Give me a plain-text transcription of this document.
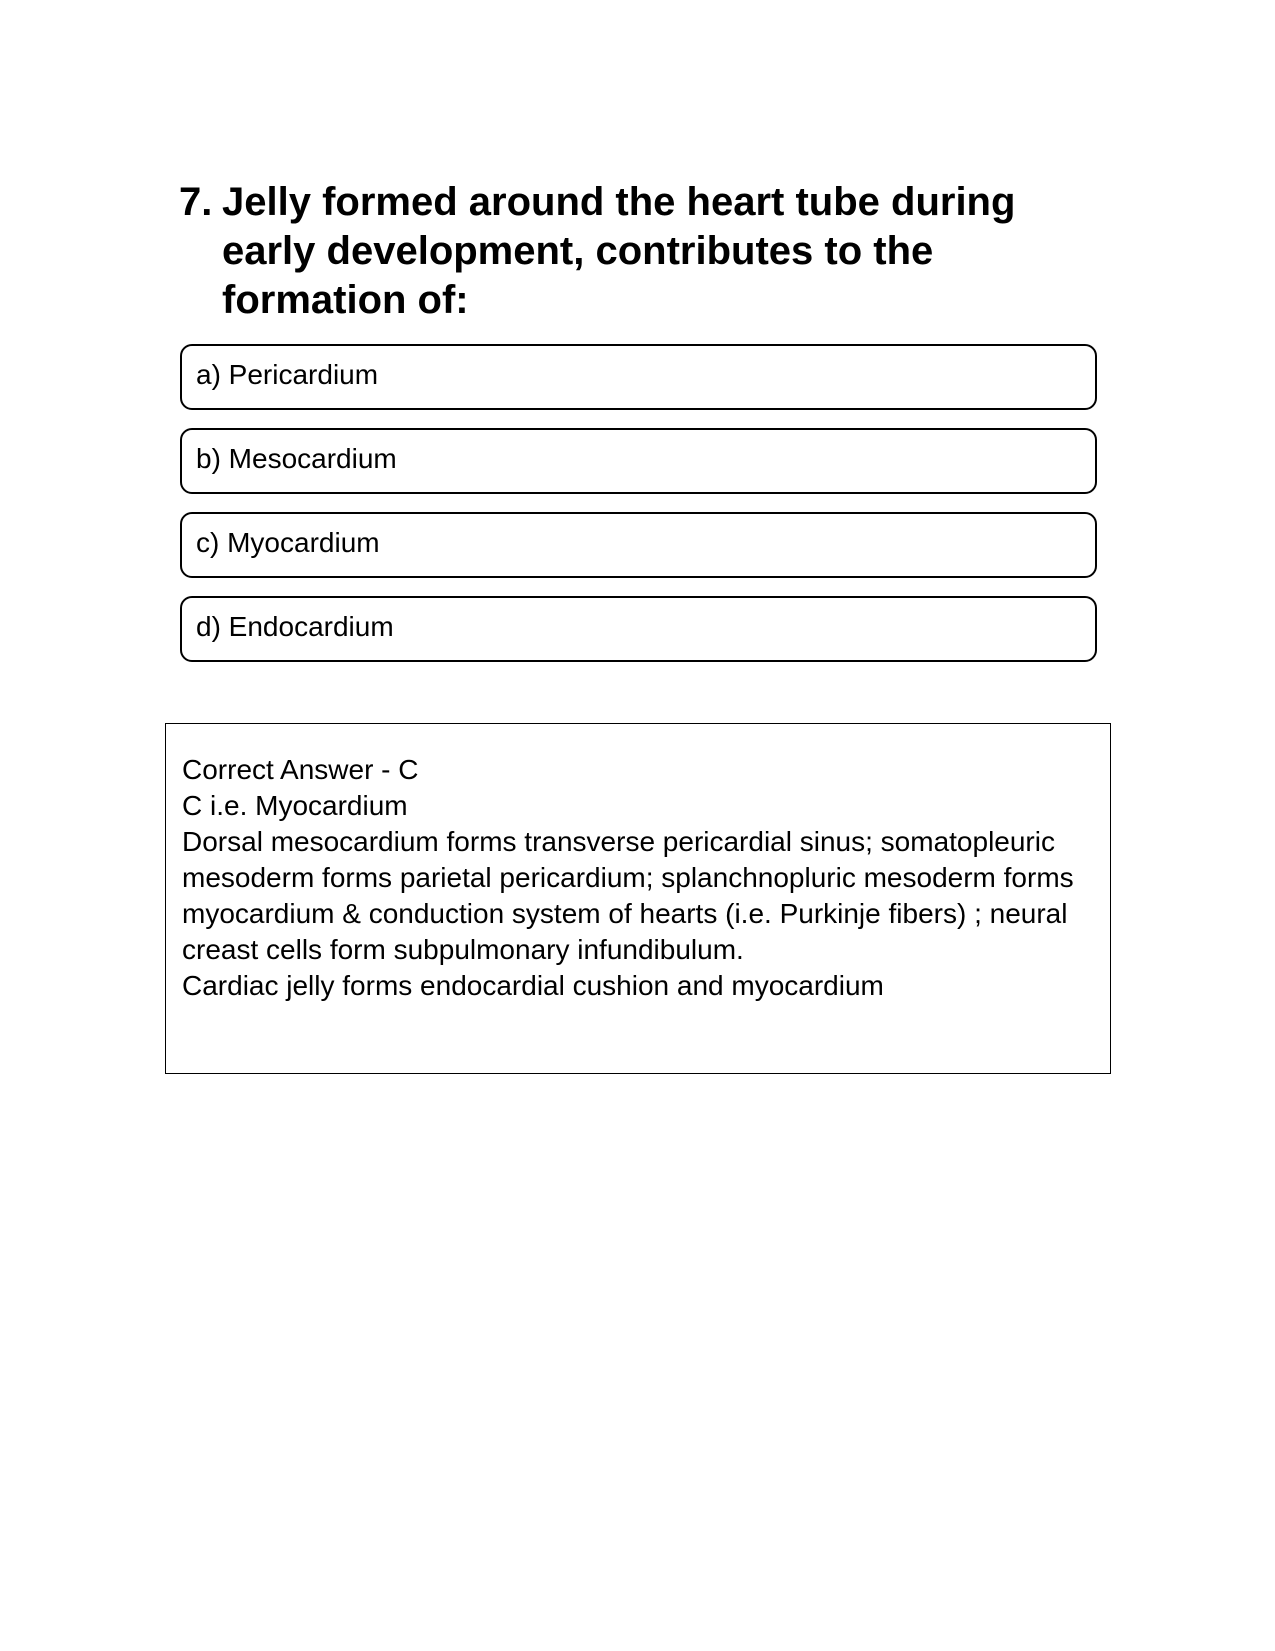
7. Jelly formed around the heart tube during early development, contributes to the formation of:
a) Pericardium
b) Mesocardium
c) Myocardium
d) Endocardium
Correct Answer - C
C i.e. Myocardium
Dorsal mesocardium forms transverse pericardial sinus; somatopleuric mesoderm forms parietal pericardium; splanchnopluric mesoderm forms myocardium & conduction system of hearts (i.e. Purkinje fibers) ; neural creast cells form subpulmonary infundibulum.
Cardiac jelly forms endocardial cushion and myocardium
